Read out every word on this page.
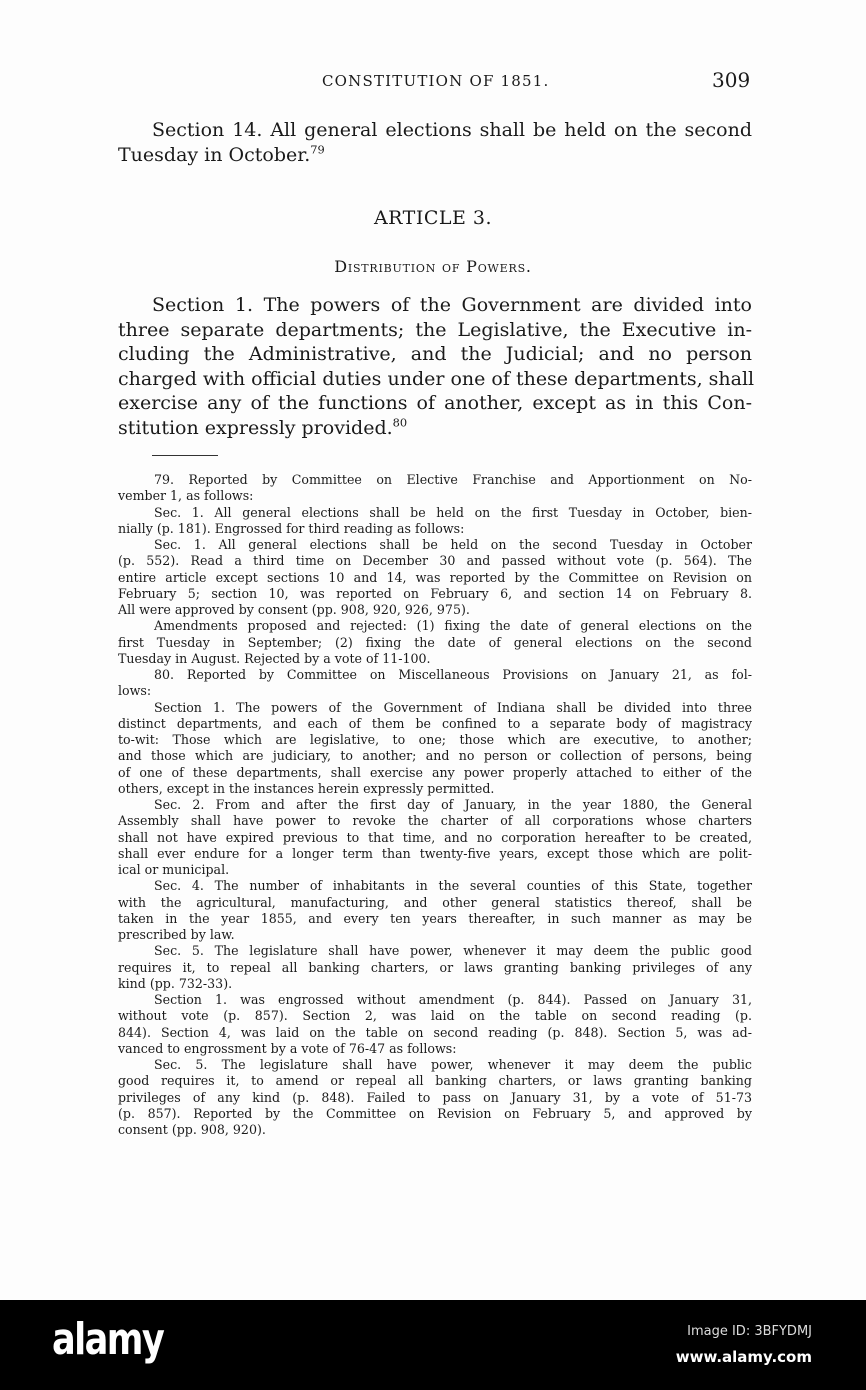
CONSTITUTION OF 1851.	309
Section 14. All general elections shall be held on the second
Tuesday in October.$^{79}$
ARTICLE 3.
Distribution of Powers.
Section 1. The powers of the Government are divided into
three separate departments; the Legislative, the Executive in-
cluding the Administrative, and the Judicial; and no person
charged with official duties under one of these departments, shall
exercise any of the functions of another, except as in this Con-
stitution expressly provided.$^{80}$
79. Reported by Committee on Elective Franchise and Apportionment on No-
vember 1, as follows:
Sec. 1. All general elections shall be held on the first Tuesday in October, bien-
nially (p. 181). Engrossed for third reading as follows:
Sec. 1. All general elections shall be held on the second Tuesday in October
(p. 552). Read a third time on December 30 and passed without vote (p. 564). The
entire article except sections 10 and 14, was reported by the Committee on Revision on
February 5; section 10, was reported on February 6, and section 14 on February 8.
All were approved by consent (pp. 908, 920, 926, 975).
Amendments proposed and rejected: (1) fixing the date of general elections on the
first Tuesday in September; (2) fixing the date of general elections on the second
Tuesday in August. Rejected by a vote of 11-100.
80. Reported by Committee on Miscellaneous Provisions on January 21, as fol-
lows:
Section 1. The powers of the Government of Indiana shall be divided into three
distinct departments, and each of them be confined to a separate body of magistracy
to-wit: Those which are legislative, to one; those which are executive, to another;
and those which are judiciary, to another; and no person or collection of persons, being
of one of these departments, shall exercise any power properly attached to either of the
others, except in the instances herein expressly permitted.
Sec. 2. From and after the first day of January, in the year 1880, the General
Assembly shall have power to revoke the charter of all corporations whose charters
shall not have expired previous to that time, and no corporation hereafter to be created,
shall ever endure for a longer term than twenty-five years, except those which are polit-
ical or municipal.
Sec. 4. The number of inhabitants in the several counties of this State, together
with the agricultural, manufacturing, and other general statistics thereof, shall be
taken in the year 1855, and every ten years thereafter, in such manner as may be
prescribed by law.
Sec. 5. The legislature shall have power, whenever it may deem the public good
requires it, to repeal all banking charters, or laws granting banking privileges of any
kind (pp. 732-33).
Section 1. was engrossed without amendment (p. 844). Passed on January 31,
without vote (p. 857). Section 2, was laid on the table on second reading (p.
844). Section 4, was laid on the table on second reading (p. 848). Section 5, was ad-
vanced to engrossment by a vote of 76-47 as follows:
Sec. 5. The legislature shall have power, whenever it may deem the public
good requires it, to amend or repeal all banking charters, or laws granting banking
privileges of any kind (p. 848). Failed to pass on January 31, by a vote of 51-73
(p. 857). Reported by the Committee on Revision on February 5, and approved by
consent (pp. 908, 920).
alamy	Image ID: 3BFYDMJ
www.alamy.com
